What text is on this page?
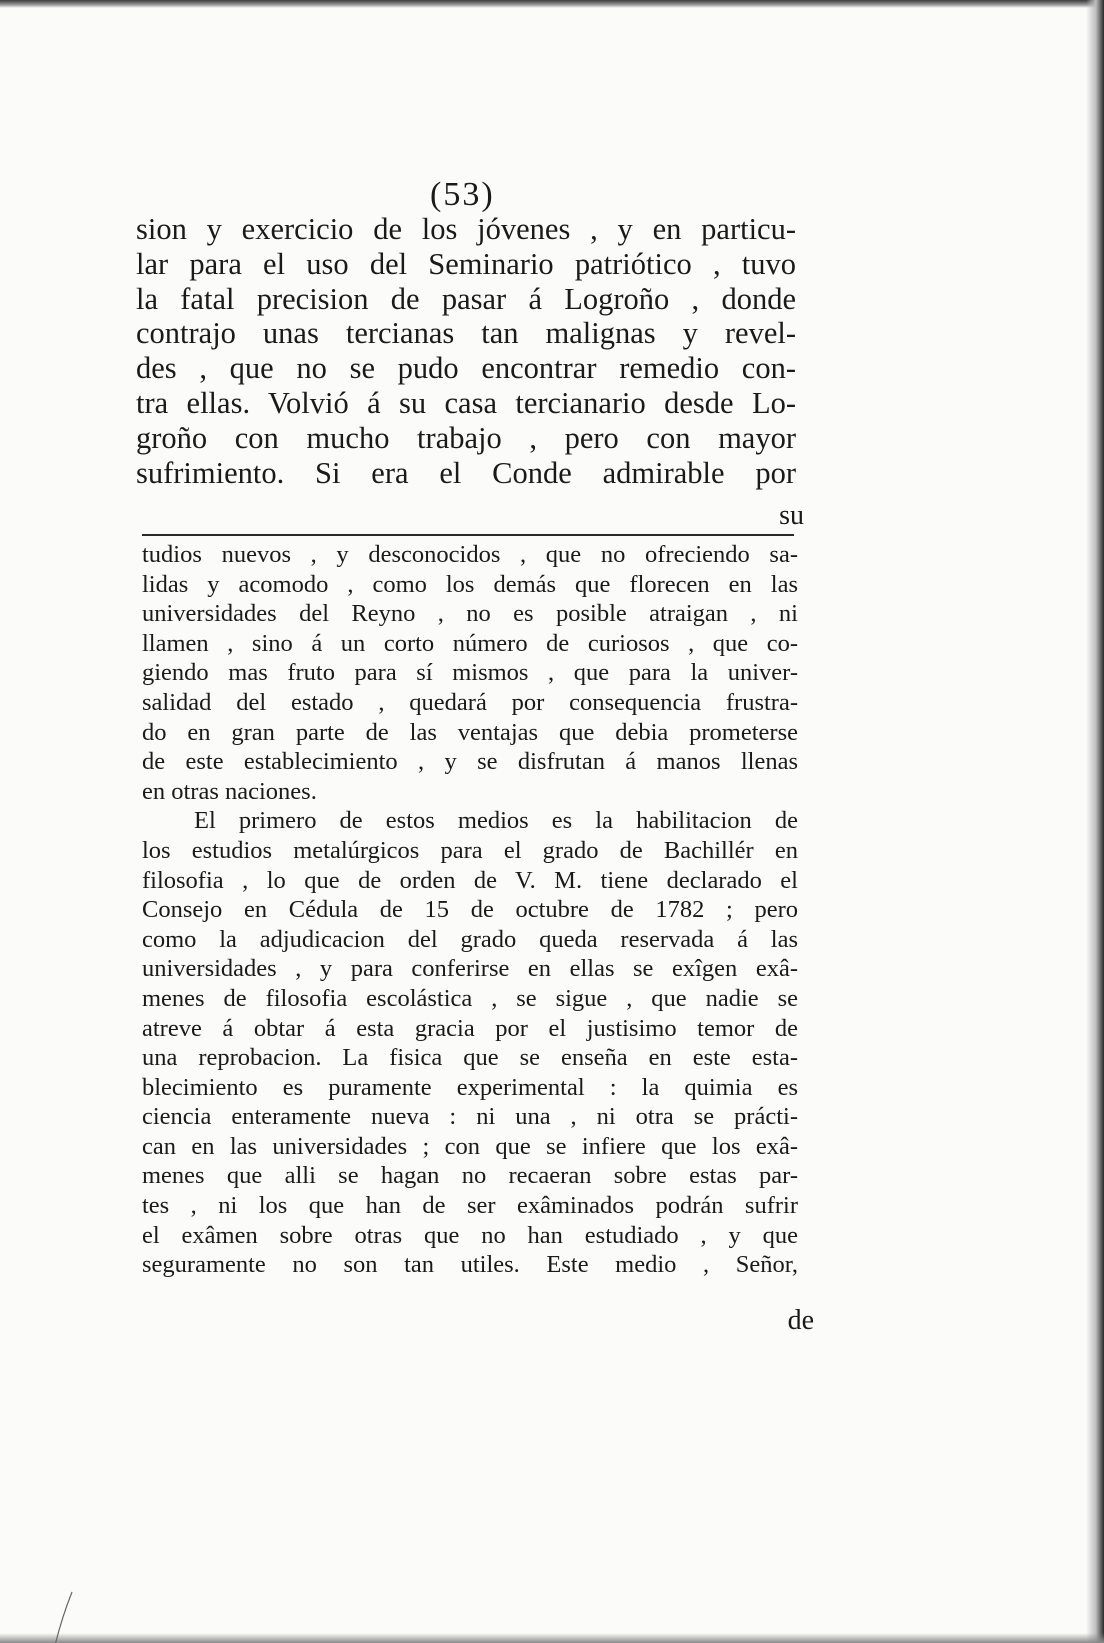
(53)
sion y exercicio de los jóvenes , y en particu-
lar para el uso del Seminario patriótico , tuvo
la fatal precision de pasar á Logroño , donde
contrajo unas tercianas tan malignas y revel-
des , que no se pudo encontrar remedio con-
tra ellas. Volvió á su casa tercianario desde Lo-
groño con mucho trabajo , pero con mayor
sufrimiento. Si era el Conde admirable por
su
tudios nuevos , y desconocidos , que no ofreciendo sa-
lidas y acomodo , como los demás que florecen en las
universidades del Reyno , no es posible atraigan , ni
llamen , sino á un corto número de curiosos , que co-
giendo mas fruto para sí mismos , que para la univer-
salidad del estado , quedará por consequencia frustra-
do en gran parte de las ventajas que debia prometerse
de este establecimiento , y se disfrutan á manos llenas
en otras naciones.
El primero de estos medios es la habilitacion de
los estudios metalúrgicos para el grado de Bachillér en
filosofia , lo que de orden de V. M. tiene declarado el
Consejo en Cédula de 15 de octubre de 1782 ; pero
como la adjudicacion del grado queda reservada á las
universidades , y para conferirse en ellas se exîgen exâ-
menes de filosofia escolástica , se sigue , que nadie se
atreve á obtar á esta gracia por el justisimo temor de
una reprobacion. La fisica que se enseña en este esta-
blecimiento es puramente experimental : la quimia es
ciencia enteramente nueva : ni una , ni otra se prácti-
can en las universidades ; con que se infiere que los exâ-
menes que alli se hagan no recaeran sobre estas par-
tes , ni los que han de ser exâminados podrán sufrir
el exâmen sobre otras que no han estudiado , y que
seguramente no son tan utiles. Este medio , Señor,
de
